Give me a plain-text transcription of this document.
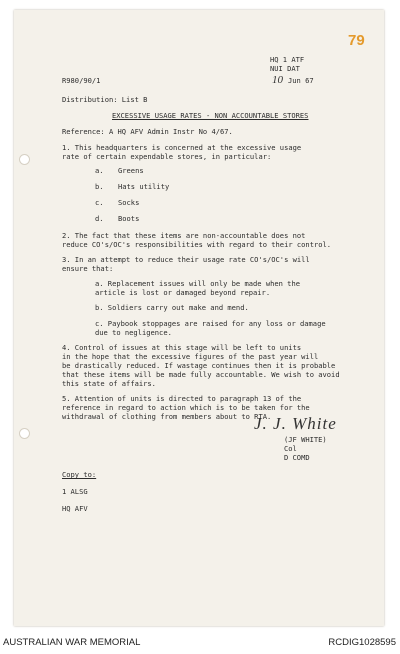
79
HQ 1 ATF
NUI DAT
10 Jun 67
R980/90/1
Distribution: List B
EXCESSIVE USAGE RATES - NON ACCOUNTABLE STORES
Reference: A HQ AFV Admin Instr No 4/67.
1. This headquarters is concerned at the excessive usage
rate of certain expendable stores, in particular:
a. Greens
b. Hats utility
c. Socks
d. Boots
2. The fact that these items are non-accountable does not
reduce CO's/OC's responsibilities with regard to their control.
3. In an attempt to reduce their usage rate CO's/OC's will
ensure that:
a. Replacement issues will only be made when the
article is lost or damaged beyond repair.
b. Soldiers carry out make and mend.
c. Paybook stoppages are raised for any loss or damage
due to negligence.
4. Control of issues at this stage will be left to units
in the hope that the excessive figures of the past year will
be drastically reduced. If wastage continues then it is probable
that these items will be made fully accountable. We wish to avoid
this state of affairs.
5. Attention of units is directed to paragraph 13 of the
reference in regard to action which is to be taken for the
withdrawal of clothing from members about to RTA.
J. J. White
(JF WHITE)
Col
D COMD
Copy to:
1 ALSG
HQ AFV
AUSTRALIAN WAR MEMORIAL	RCDIG1028595
